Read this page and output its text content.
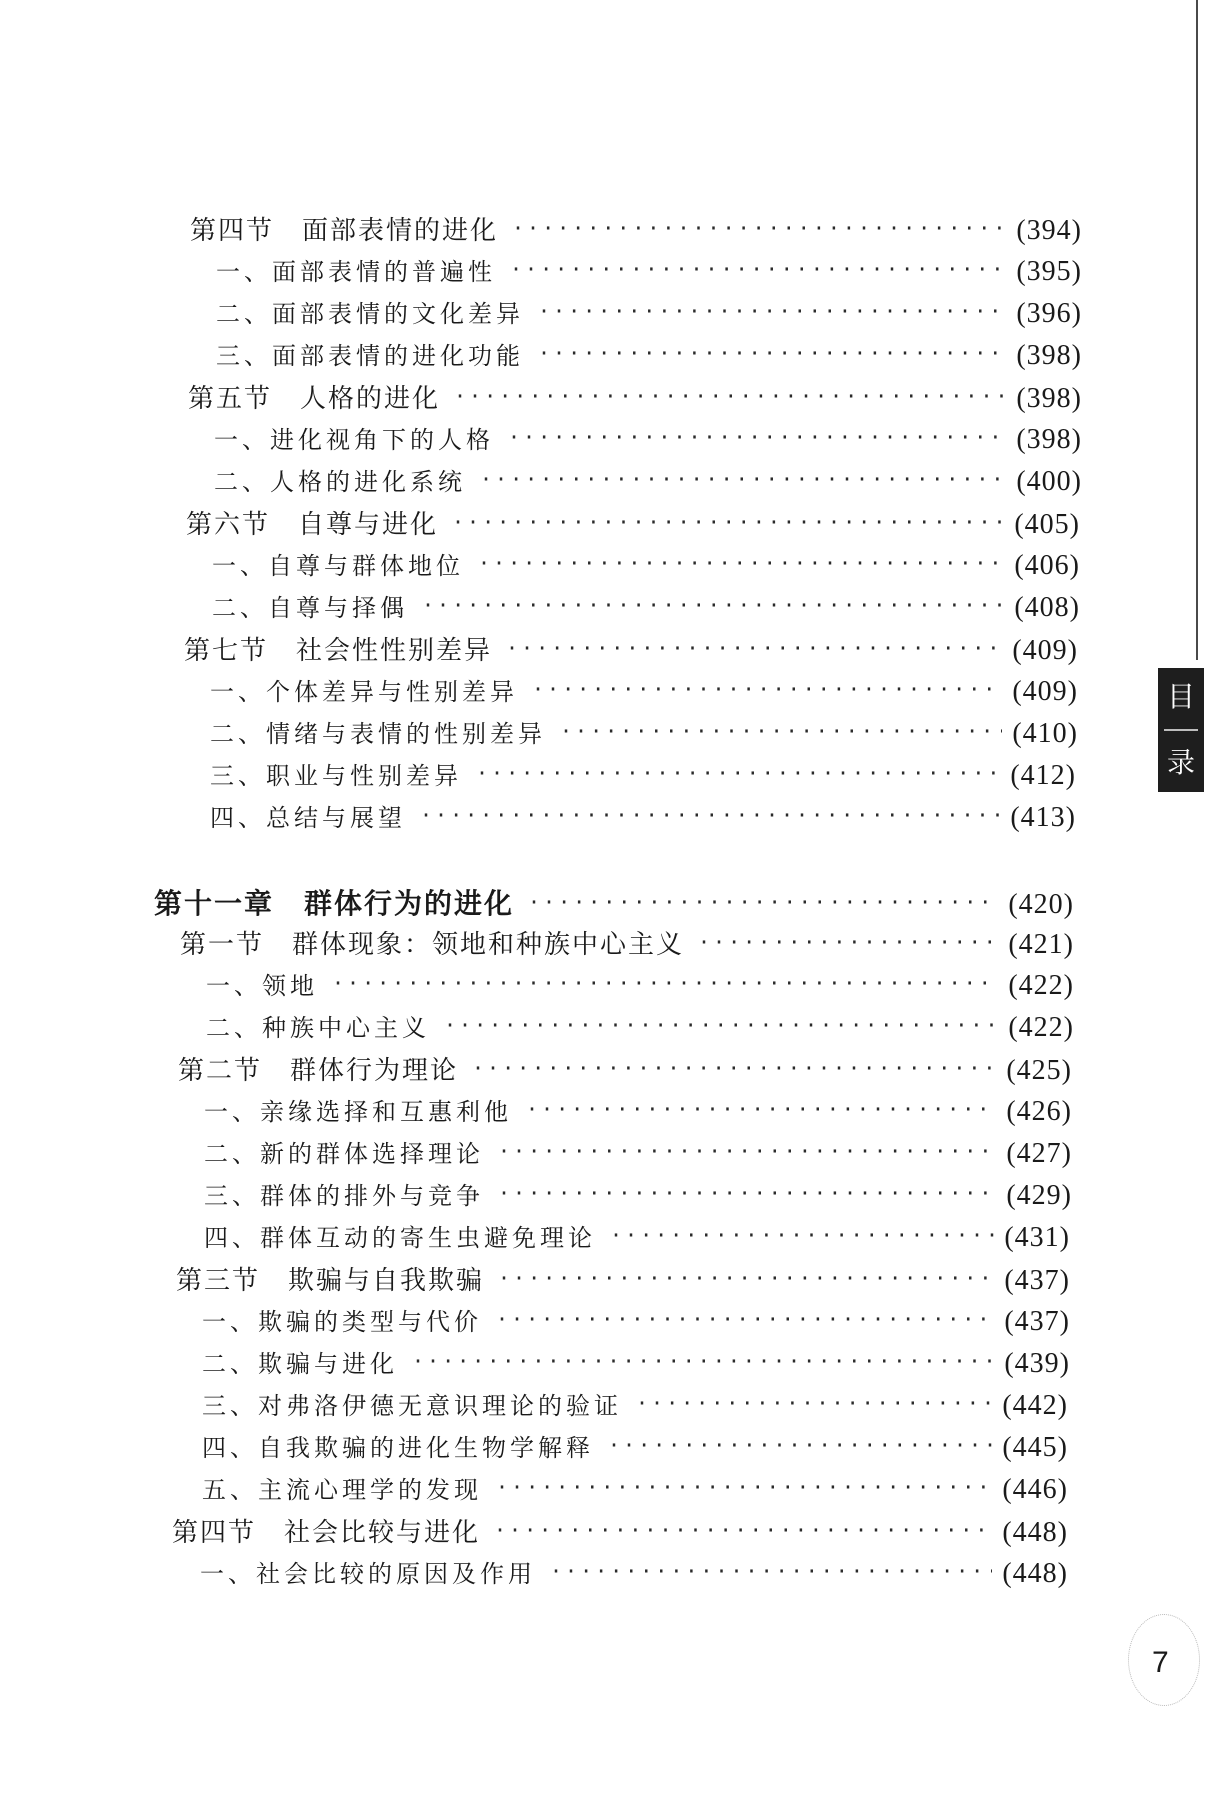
目
录
第四节　面部表情的进化 ·····	(394)
一、面部表情的普遍性 ·····	(395)
二、面部表情的文化差异 ·····	(396)
三、面部表情的进化功能 ·····	(398)
第五节　人格的进化 ·····	(398)
一、进化视角下的人格 ·····	(398)
二、人格的进化系统 ·····	(400)
第六节　自尊与进化 ·····	(405)
一、自尊与群体地位 ·····	(406)
二、自尊与择偶 ·····	(408)
第七节　社会性性别差异 ·····	(409)
一、个体差异与性别差异 ·····	(409)
二、情绪与表情的性别差异 ·····	(410)
三、职业与性别差异 ·····	(412)
四、总结与展望 ·····	(413)
第十一章　群体行为的进化 ·····	(420)
第一节　群体现象：领地和种族中心主义 ·····	(421)
一、领地 ·····	(422)
二、种族中心主义 ·····	(422)
第二节　群体行为理论 ·····	(425)
一、亲缘选择和互惠利他 ·····	(426)
二、新的群体选择理论 ·····	(427)
三、群体的排外与竞争 ·····	(429)
四、群体互动的寄生虫避免理论 ·····	(431)
第三节　欺骗与自我欺骗 ·····	(437)
一、欺骗的类型与代价 ·····	(437)
二、欺骗与进化 ·····	(439)
三、对弗洛伊德无意识理论的验证 ·····	(442)
四、自我欺骗的进化生物学解释 ·····	(445)
五、主流心理学的发现 ·····	(446)
第四节　社会比较与进化 ·····	(448)
一、社会比较的原因及作用 ·····	(448)
7
